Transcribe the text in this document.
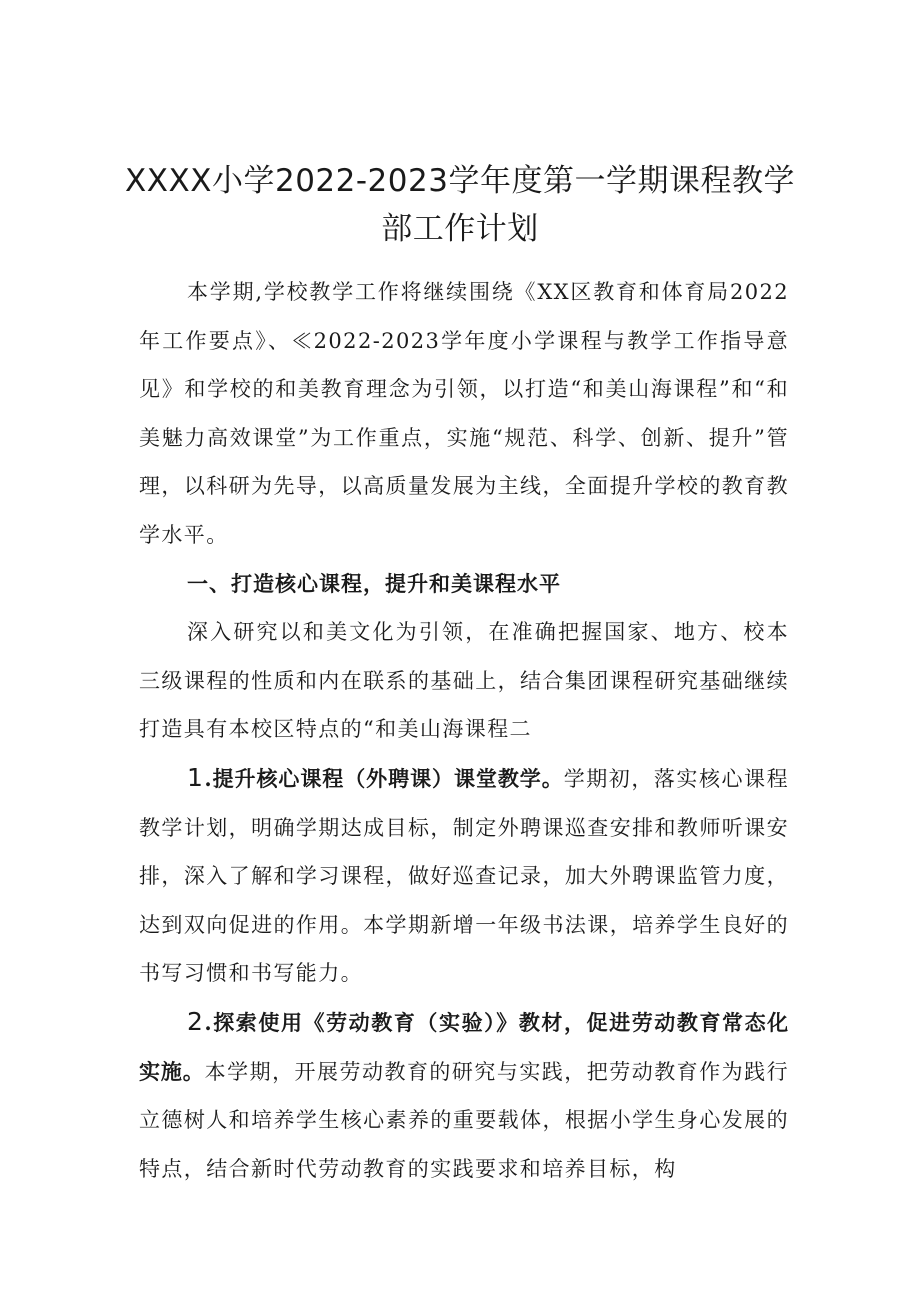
XXXX小学2022-2023学年度第一学期课程教学
部工作计划

本学期,学校教学工作将继续围绕《XX区教育和体育局2022年工作要点》、≪2022-2023学年度小学课程与教学工作指导意见》和学校的和美教育理念为引领，以打造“和美山海课程”和“和美魅力高效课堂”为工作重点，实施“规范、科学、创新、提升”管理，以科研为先导，以高质量发展为主线，全面提升学校的教育教学水平。

一、打造核心课程，提升和美课程水平

深入研究以和美文化为引领，在准确把握国家、地方、校本三级课程的性质和内在联系的基础上，结合集团课程研究基础继续打造具有本校区特点的“和美山海课程二

1.提升核心课程（外聘课）课堂教学。学期初，落实核心课程教学计划，明确学期达成目标，制定外聘课巡查安排和教师听课安排，深入了解和学习课程，做好巡查记录，加大外聘课监管力度，达到双向促进的作用。本学期新增一年级书法课，培养学生良好的书写习惯和书写能力。

2.探索使用《劳动教育（实验）》教材，促进劳动教育常态化实施。本学期，开展劳动教育的研究与实践，把劳动教育作为践行立德树人和培养学生核心素养的重要载体，根据小学生身心发展的特点，结合新时代劳动教育的实践要求和培养目标，构
